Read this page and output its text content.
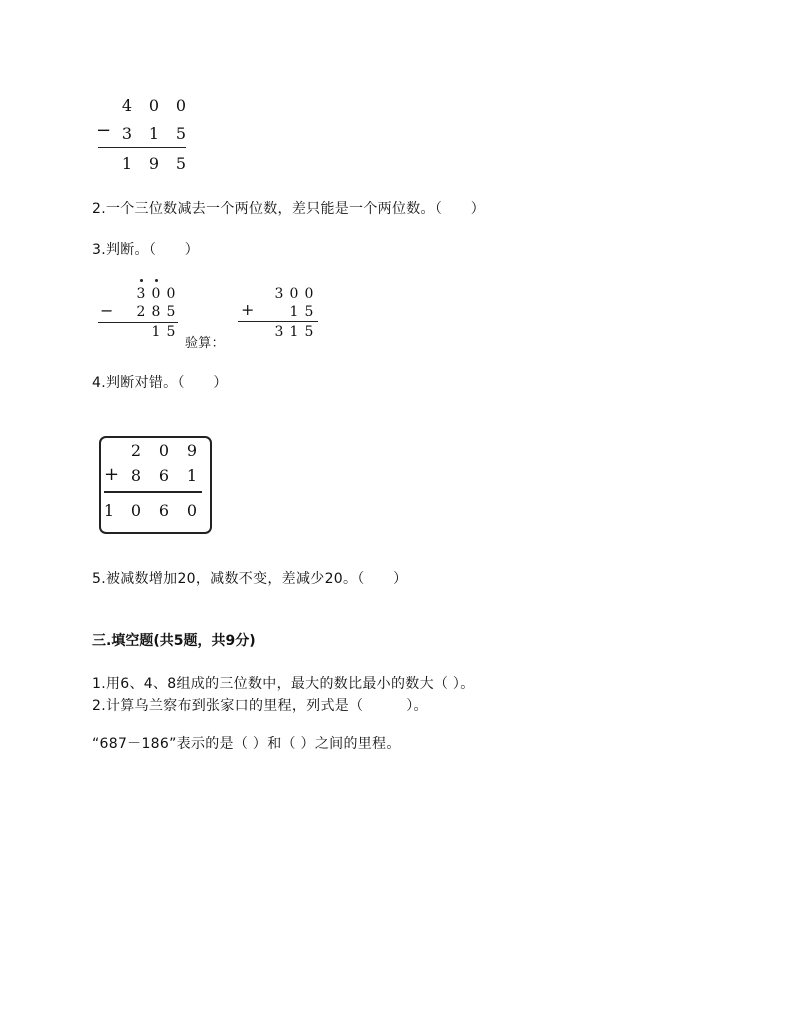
4 0 0
− 3 1 5
1 9 5
2.一个三位数减去一个两位数，差只能是一个两位数。（　　）
3.判断。（　　）
3 0 0
− 2 8 5
1 5
验算：
3 0 0
+	1 5
3 1 5
4.判断对错。（　　）
2 0 9
+ 8 6 1
1 0 6 0
5.被减数增加20，减数不变，差减少20。（　　）
三.填空题(共5题，共9分)
1.用6、4、8组成的三位数中，最大的数比最小的数大（ ）。
2.计算乌兰察布到张家口的里程，列式是（　　　）。
“687－186”表示的是（ ）和（ ）之间的里程。
